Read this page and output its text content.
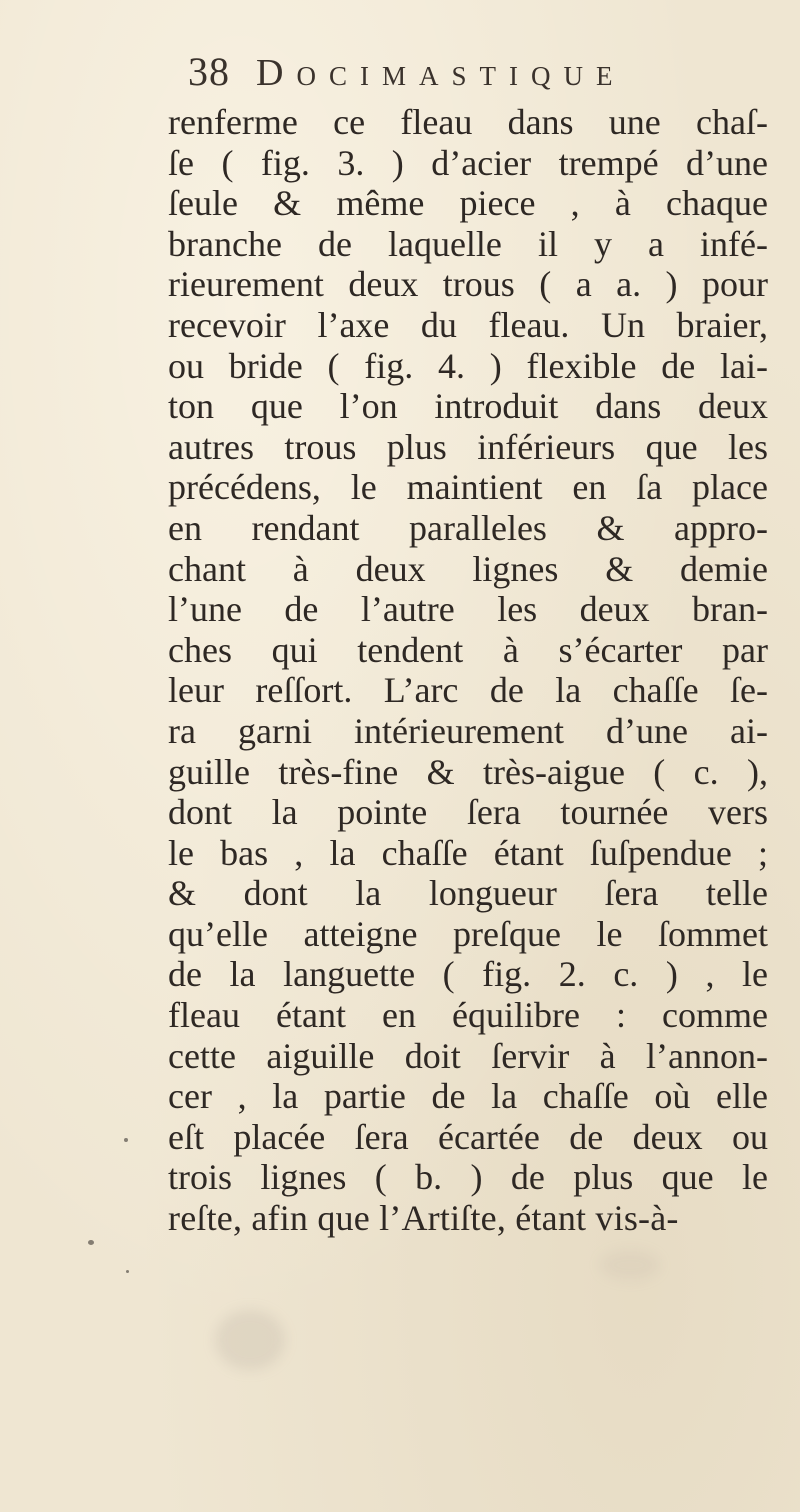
38 Docimastique
renferme ce fleau dans une chaſ-
ſe ( fig. 3. ) d’acier trempé d’une
ſeule & même piece , à chaque
branche de laquelle il y a infé-
rieurement deux trous ( a a. ) pour
recevoir l’axe du fleau. Un braier,
ou bride ( fig. 4. ) flexible de lai-
ton que l’on introduit dans deux
autres trous plus inférieurs que les
précédens, le maintient en ſa place
en rendant paralleles & appro-
chant à deux lignes & demie
l’une de l’autre les deux bran-
ches qui tendent à s’écarter par
leur reſſort. L’arc de la chaſſe ſe-
ra garni intérieurement d’une ai-
guille très-fine & très-aigue ( c. ),
dont la pointe ſera tournée vers
le bas , la chaſſe étant ſuſpendue ;
& dont la longueur ſera telle
qu’elle atteigne preſque le ſommet
de la languette ( fig. 2. c. ) , le
fleau étant en équilibre : comme
cette aiguille doit ſervir à l’annon-
cer , la partie de la chaſſe où elle
eſt placée ſera écartée de deux ou
trois lignes ( b. ) de plus que le
reſte, afin que l’Artiſte, étant vis-à-
